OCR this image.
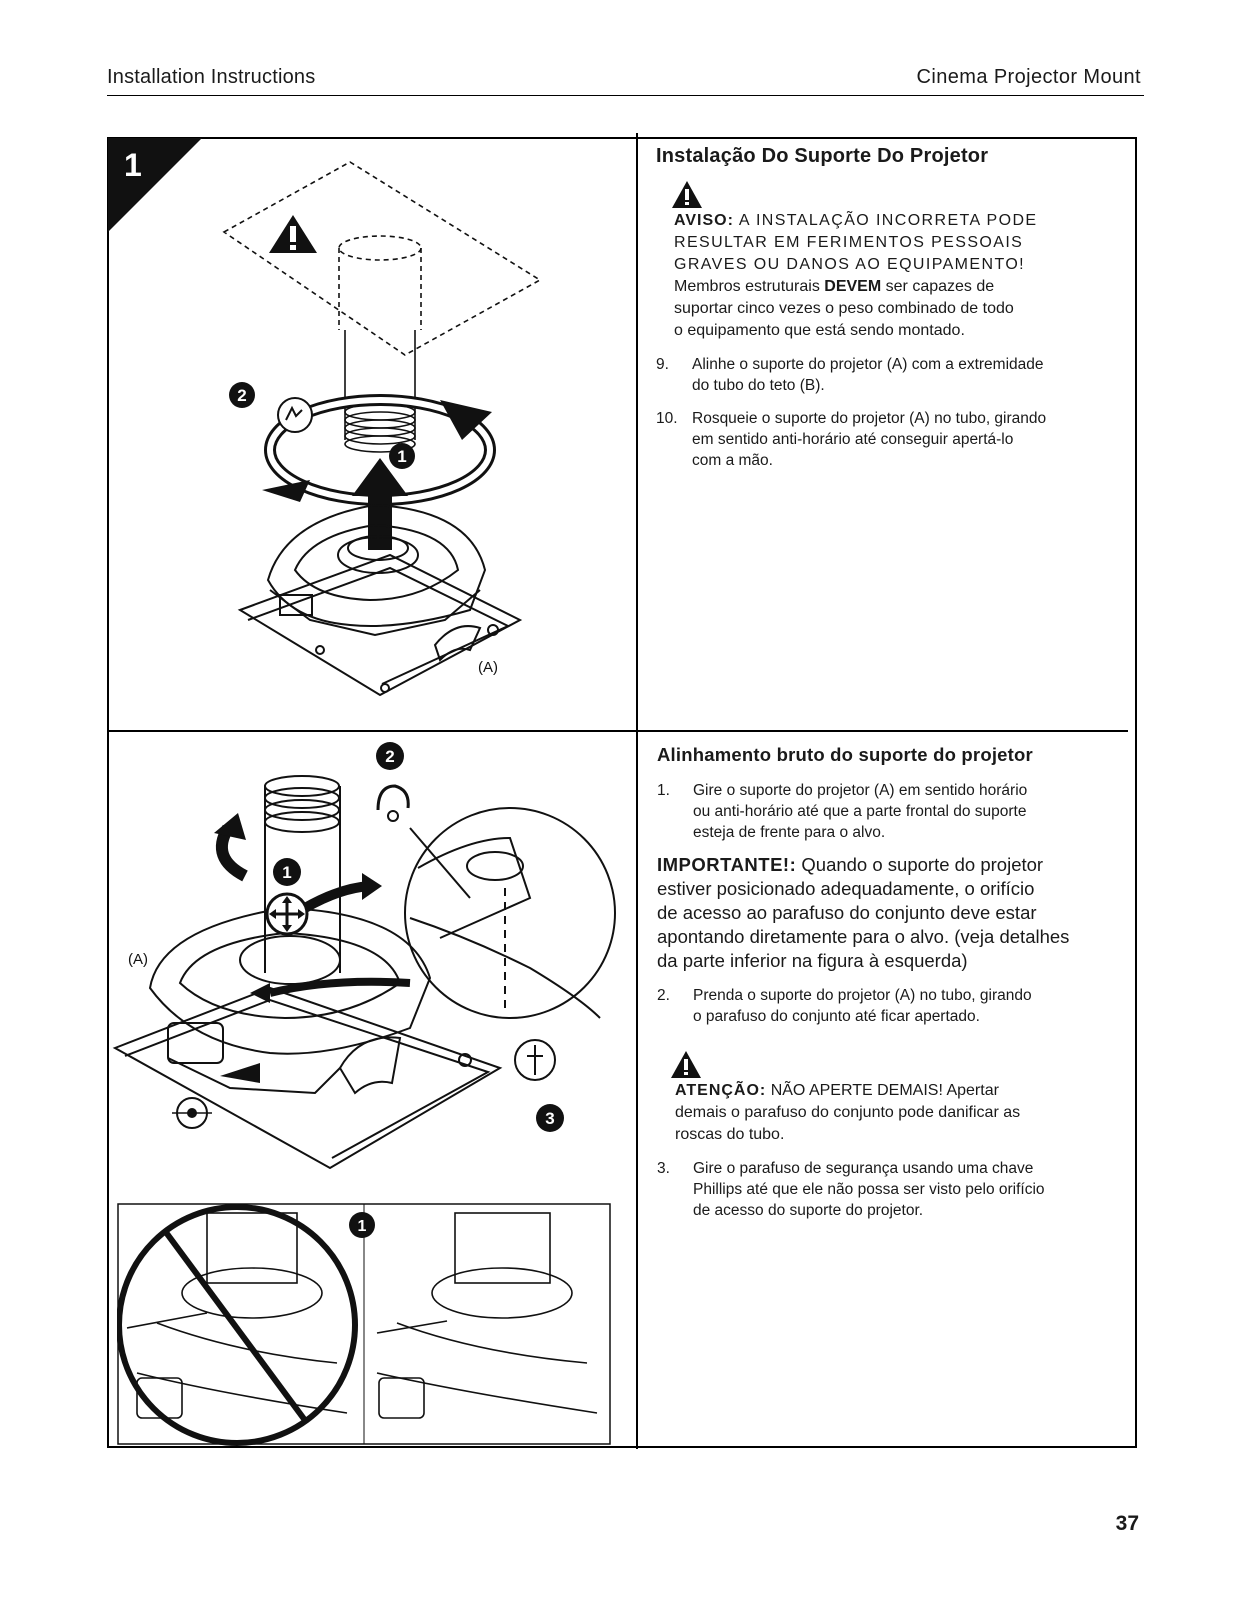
Installation Instructions	Cinema Projector Mount
1
2
1
(A)
2
1
3
(A)
1
Instalação Do Suporte Do Projetor
AVISO: A INSTALAÇÃO INCORRETA PODE
RESULTAR EM FERIMENTOS PESSOAIS
GRAVES OU DANOS AO EQUIPAMENTO!
Membros estruturais DEVEM ser capazes de
suportar cinco vezes o peso combinado de todo
o equipamento que está sendo montado.
9.	Alinhe o suporte do projetor (A) com a extremidade
do tubo do teto (B).
10. Rosqueie o suporte do projetor (A) no tubo, girando
em sentido anti-horário até conseguir apertá-lo
com a mão.
Alinhamento bruto do suporte do projetor
1.	Gire o suporte do projetor (A) em sentido horário
ou anti-horário até que a parte frontal do suporte
esteja de frente para o alvo.
IMPORTANTE!: Quando o suporte do projetor
estiver posicionado adequadamente, o orifício
de acesso ao parafuso do conjunto deve estar
apontando diretamente para o alvo. (veja detalhes
da parte inferior na figura à esquerda)
2.	Prenda o suporte do projetor (A) no tubo, girando
o parafuso do conjunto até ficar apertado.
ATENÇÃO: NÃO APERTE DEMAIS! Apertar
demais o parafuso do conjunto pode danificar as
roscas do tubo.
3.	Gire o parafuso de segurança usando uma chave
Phillips até que ele não possa ser visto pelo orifício
de acesso do suporte do projetor.
37
